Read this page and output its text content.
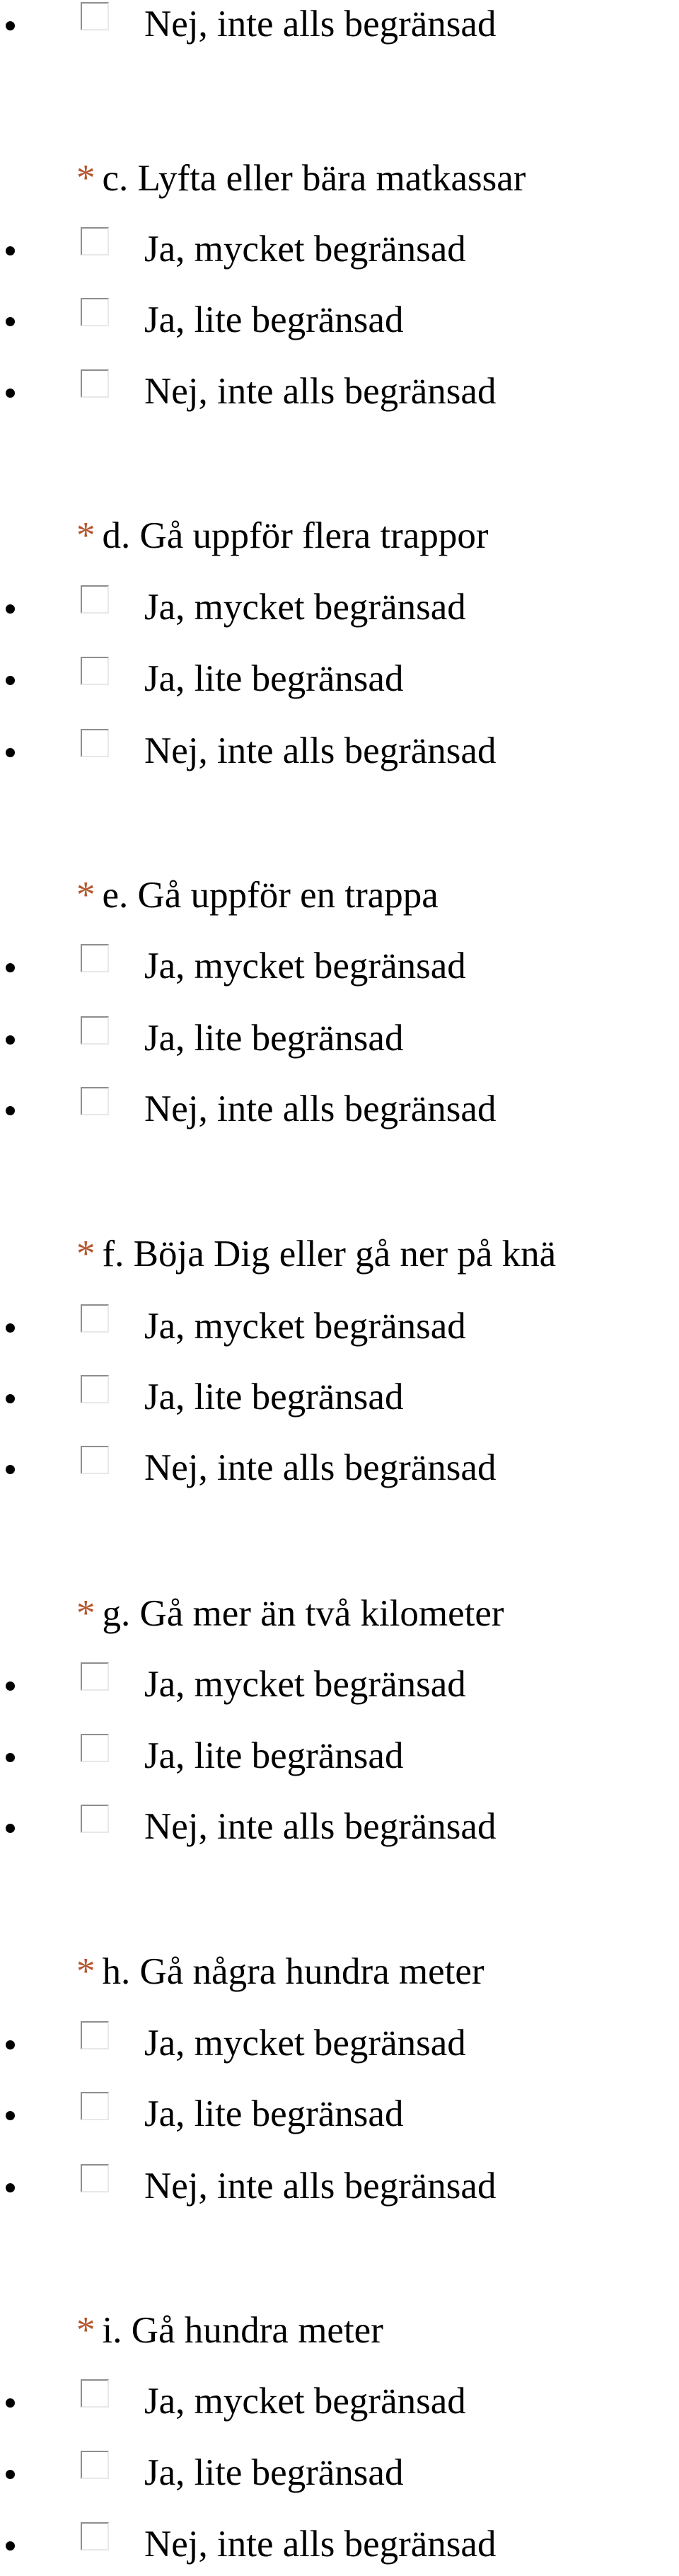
Nej, inte alls begränsad
* c. Lyfta eller bära matkassar
Ja, mycket begränsad
Ja, lite begränsad
Nej, inte alls begränsad
* d. Gå uppför flera trappor
Ja, mycket begränsad
Ja, lite begränsad
Nej, inte alls begränsad
* e. Gå uppför en trappa
Ja, mycket begränsad
Ja, lite begränsad
Nej, inte alls begränsad
* f. Böja Dig eller gå ner på knä
Ja, mycket begränsad
Ja, lite begränsad
Nej, inte alls begränsad
* g. Gå mer än två kilometer
Ja, mycket begränsad
Ja, lite begränsad
Nej, inte alls begränsad
* h. Gå några hundra meter
Ja, mycket begränsad
Ja, lite begränsad
Nej, inte alls begränsad
* i. Gå hundra meter
Ja, mycket begränsad
Ja, lite begränsad
Nej, inte alls begränsad
